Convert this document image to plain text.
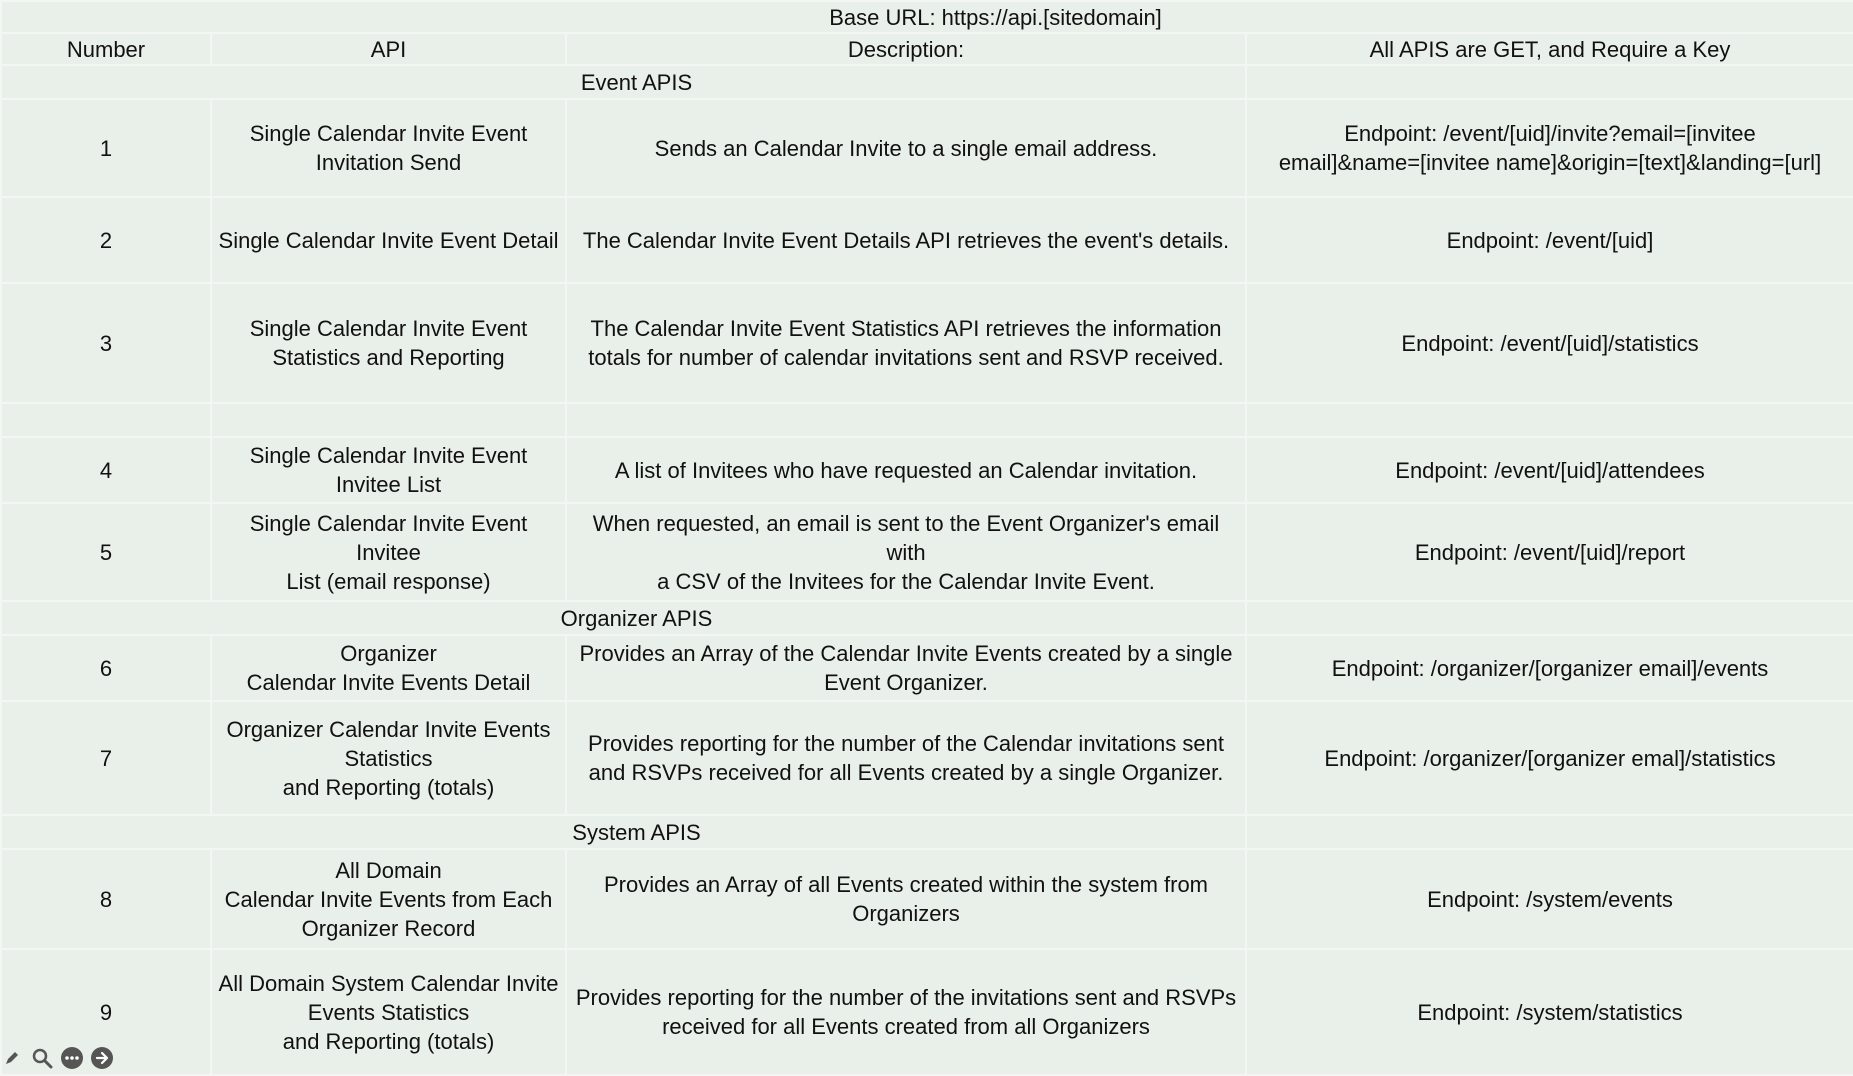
Base URL: https://api.[sitedomain]			
Number	API	Description:	All APIS are GET, and Require a Key
Event APIS			
1	Single Calendar Invite Event
Invitation Send	Sends an Calendar Invite to a single email address.	Endpoint: /event/[uid]/invite?email=[invitee
email]&name=[invitee name]&origin=[text]&landing=[url]
2	Single Calendar Invite Event Detail	The Calendar Invite Event Details API retrieves the event's details.	Endpoint: /event/[uid]
3	Single Calendar Invite Event
Statistics and Reporting	The Calendar Invite Event Statistics API retrieves the information
totals for number of calendar invitations sent and RSVP received.	Endpoint: /event/[uid]/statistics

4	Single Calendar Invite Event
Invitee List	A list of Invitees who have requested an Calendar invitation.	Endpoint: /event/[uid]/attendees
5	Single Calendar Invite Event Invitee
List (email response)	When requested, an email is sent to the Event Organizer's email with
a CSV of the Invitees for the Calendar Invite Event.	Endpoint: /event/[uid]/report
Organizer APIS			
6	Organizer
Calendar Invite Events Detail	Provides an Array of the Calendar Invite Events created by a single
Event Organizer.	Endpoint: /organizer/[organizer email]/events
7	Organizer Calendar Invite Events
Statistics
and Reporting (totals)	Provides reporting for the number of the Calendar invitations sent
and RSVPs received for all Events created by a single Organizer.	Endpoint: /organizer/[organizer emal]/statistics
System APIS			
8	All Domain
Calendar Invite Events from Each
Organizer Record	Provides an Array of all Events created within the system from
Organizers	Endpoint: /system/events
9	All Domain System Calendar Invite
Events Statistics
and Reporting (totals)	Provides reporting for the number of the invitations sent and RSVPs
received for all Events created from all Organizers	Endpoint: /system/statistics
